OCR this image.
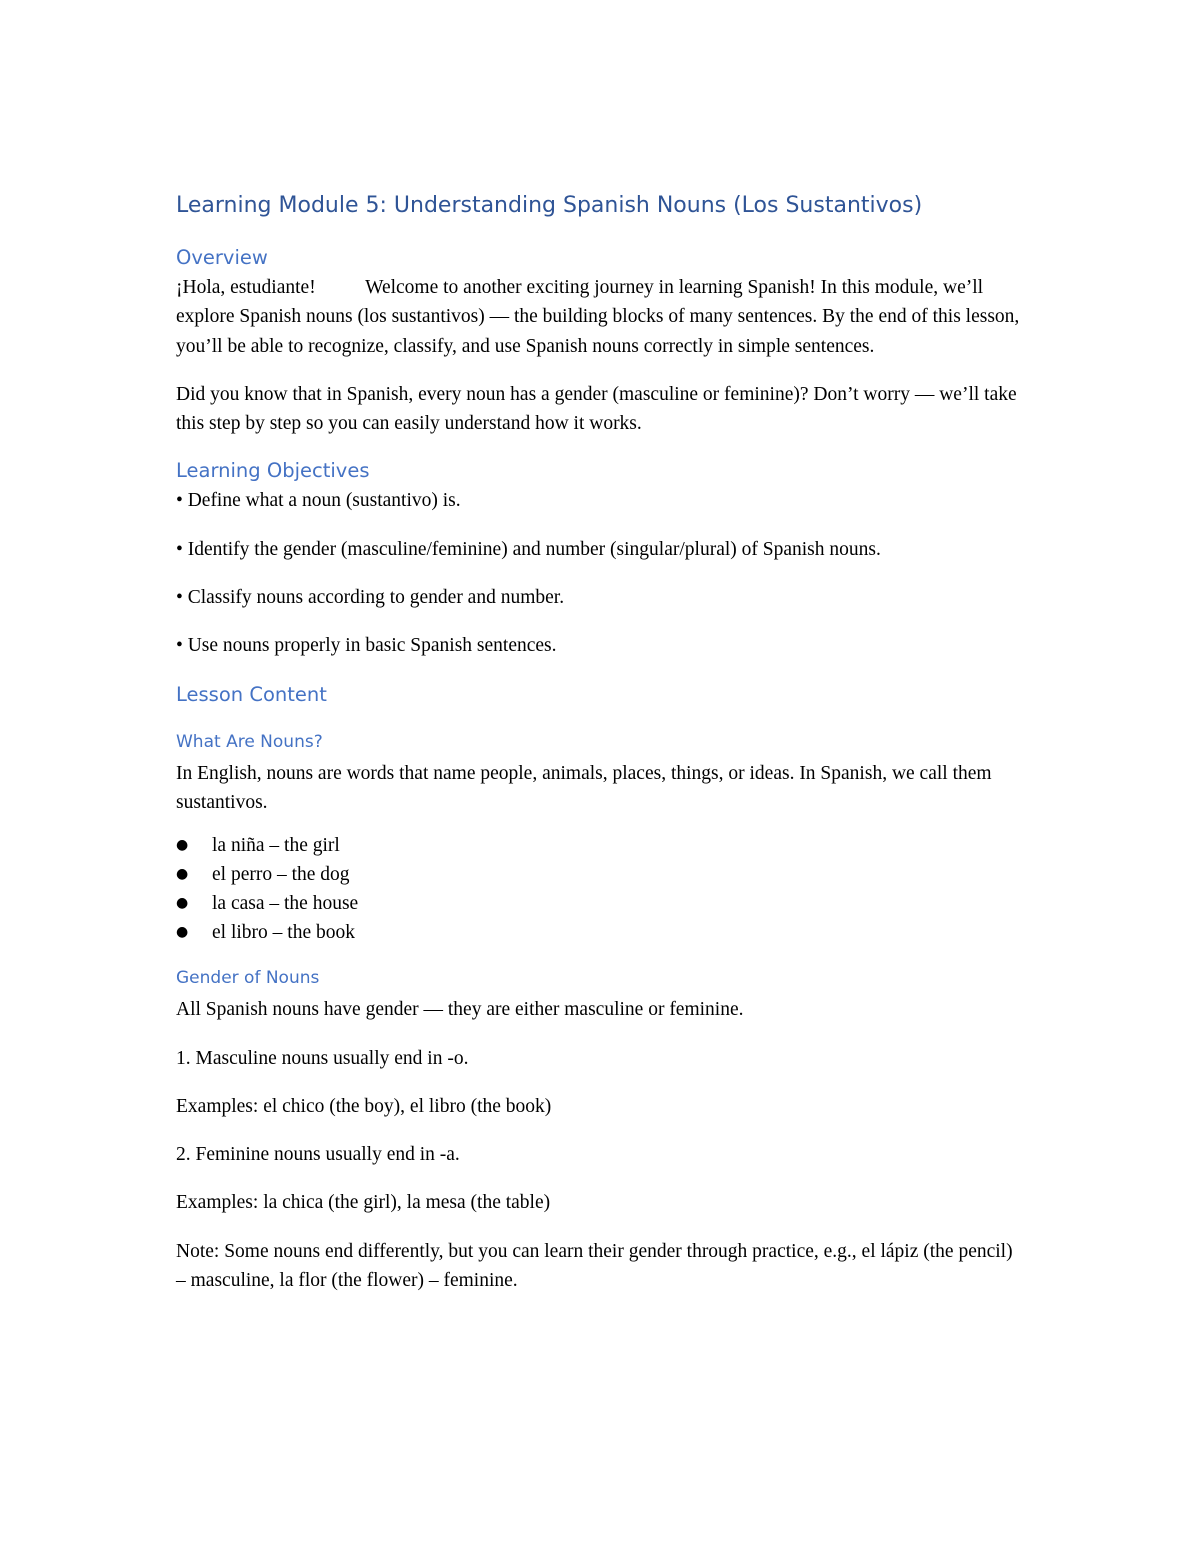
Learning Module 5: Understanding Spanish Nouns (Los Sustantivos)
Overview

¡Hola, estudiante!	Welcome to another exciting journey in learning Spanish! In this module, we’ll explore Spanish nouns (los sustantivos) — the building blocks of many sentences. By the end of this lesson, you’ll be able to recognize, classify, and use Spanish nouns correctly in simple sentences.

Did you know that in Spanish, every noun has a gender (masculine or feminine)? Don’t worry — we’ll take this step by step so you can easily understand how it works.

Learning Objectives

• Define what a noun (sustantivo) is.

• Identify the gender (masculine/feminine) and number (singular/plural) of Spanish nouns.

• Classify nouns according to gender and number.

• Use nouns properly in basic Spanish sentences.

Lesson Content
What Are Nouns?

In English, nouns are words that name people, animals, places, things, or ideas. In Spanish, we call them sustantivos.

● la niña – the girl
● el perro – the dog
● la casa – the house
● el libro – the book
Gender of Nouns

All Spanish nouns have gender — they are either masculine or feminine.

1. Masculine nouns usually end in -o.

Examples: el chico (the boy), el libro (the book)

2. Feminine nouns usually end in -a.

Examples: la chica (the girl), la mesa (the table)

Note: Some nouns end differently, but you can learn their gender through practice, e.g., el lápiz (the pencil) – masculine, la flor (the flower) – feminine.
